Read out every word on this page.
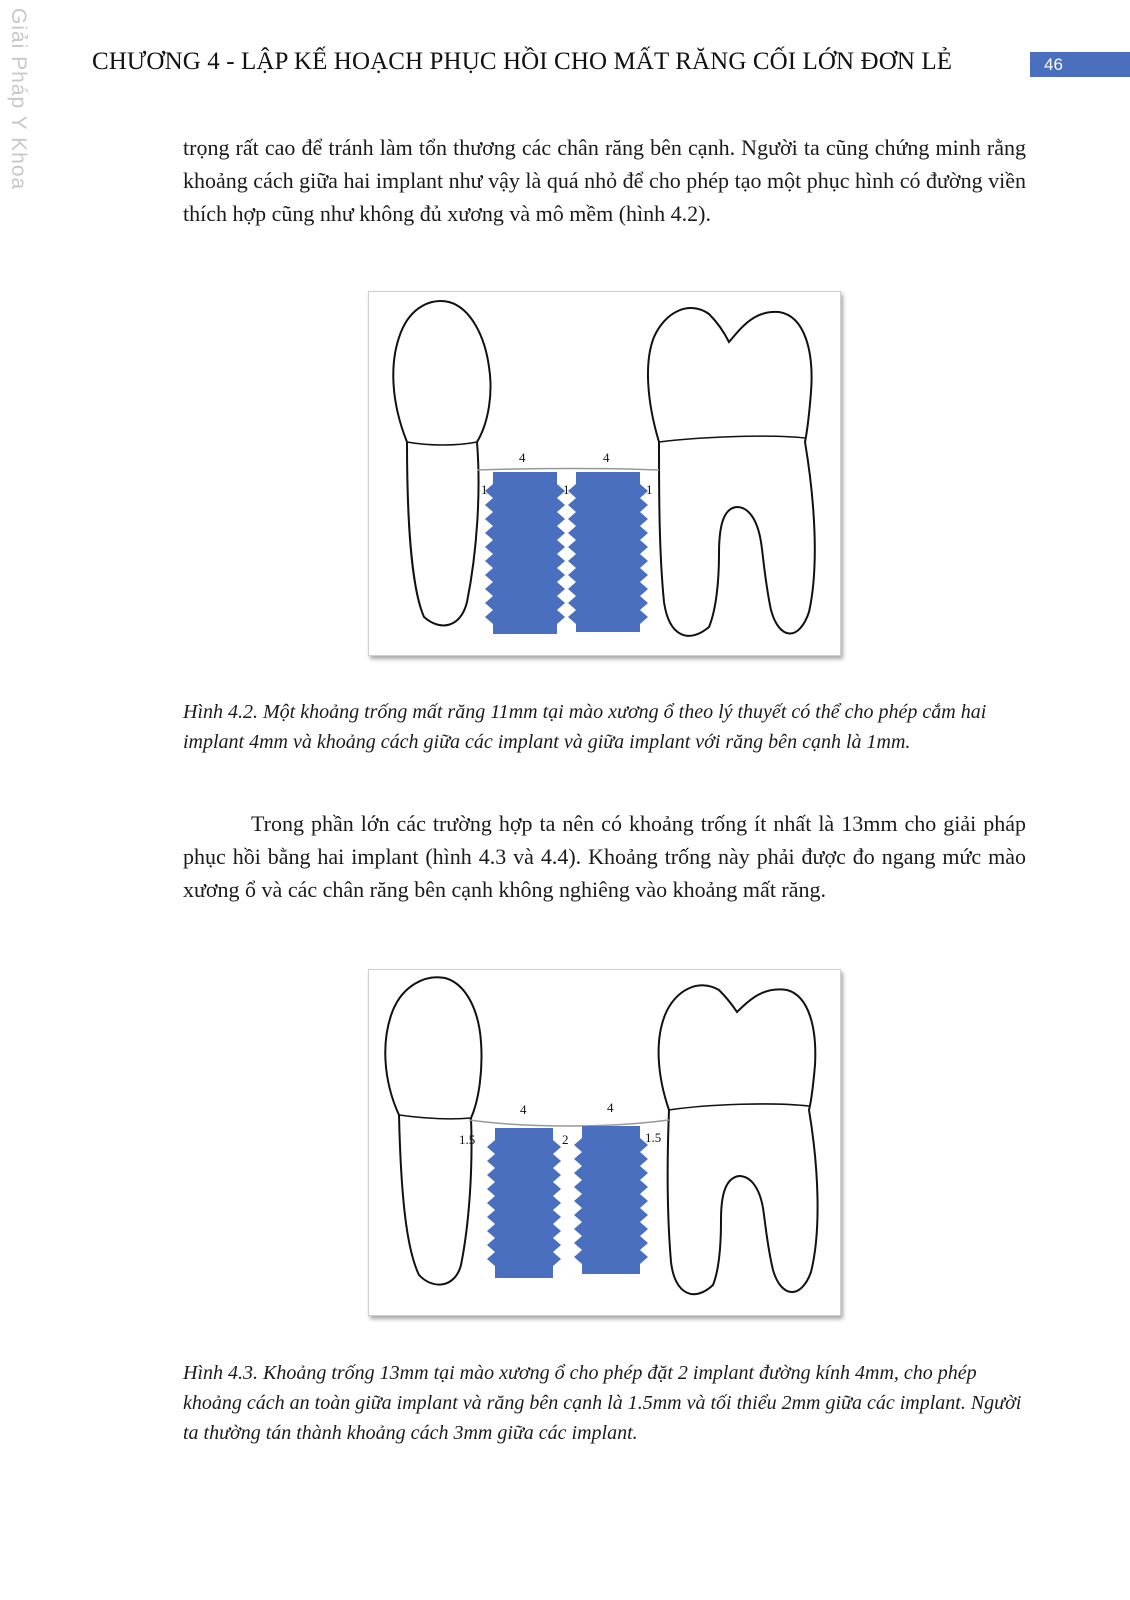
Giải Pháp Y Khoa CHƯƠNG 4 - LẬP KẾ HOẠCH PHỤC HỒI CHO MẤT RĂNG CỐI LỚN ĐƠN LẺ	46

trọng rất cao để tránh làm tổn thương các chân răng bên cạnh. Người ta cũng chứng minh rằng khoảng cách giữa hai implant như vậy là quá nhỏ để cho phép tạo một phục hình có đường viền thích hợp cũng như không đủ xương và mô mềm (hình 4.2).

4	4
1	1	1

Hình 4.2. Một khoảng trống mất răng 11mm tại mào xương ổ theo lý thuyết có thể cho phép cắm hai implant 4mm và khoảng cách giữa các implant và giữa implant với răng bên cạnh là 1mm.

Trong phần lớn các trường hợp ta nên có khoảng trống ít nhất là 13mm cho giải pháp phục hồi bằng hai implant (hình 4.3 và 4.4). Khoảng trống này phải được đo ngang mức mào xương ổ và các chân răng bên cạnh không nghiêng vào khoảng mất răng.

4	4
1.5	2	1.5

Hình 4.3. Khoảng trống 13mm tại mào xương ổ cho phép đặt 2 implant đường kính 4mm, cho phép khoảng cách an toàn giữa implant và răng bên cạnh là 1.5mm và tối thiểu 2mm giữa các implant. Người ta thường tán thành khoảng cách 3mm giữa các implant.
